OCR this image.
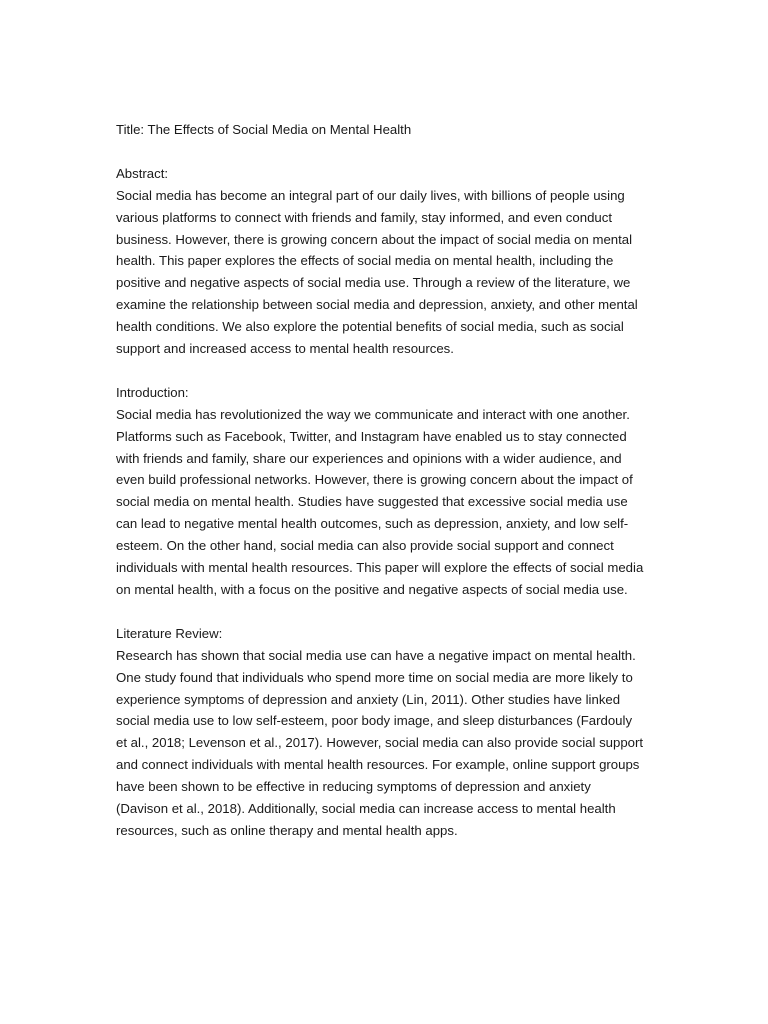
Title: The Effects of Social Media on Mental Health

Abstract:

Social media has become an integral part of our daily lives, with billions of people using various platforms to connect with friends and family, stay informed, and even conduct business. However, there is growing concern about the impact of social media on mental health. This paper explores the effects of social media on mental health, including the positive and negative aspects of social media use. Through a review of the literature, we examine the relationship between social media and depression, anxiety, and other mental health conditions. We also explore the potential benefits of social media, such as social support and increased access to mental health resources.

Introduction:

Social media has revolutionized the way we communicate and interact with one another. Platforms such as Facebook, Twitter, and Instagram have enabled us to stay connected with friends and family, share our experiences and opinions with a wider audience, and even build professional networks. However, there is growing concern about the impact of social media on mental health. Studies have suggested that excessive social media use can lead to negative mental health outcomes, such as depression, anxiety, and low self-esteem. On the other hand, social media can also provide social support and connect individuals with mental health resources. This paper will explore the effects of social media on mental health, with a focus on the positive and negative aspects of social media use.

Literature Review:

Research has shown that social media use can have a negative impact on mental health. One study found that individuals who spend more time on social media are more likely to experience symptoms of depression and anxiety (Lin, 2011). Other studies have linked social media use to low self-esteem, poor body image, and sleep disturbances (Fardouly et al., 2018; Levenson et al., 2017). However, social media can also provide social support and connect individuals with mental health resources. For example, online support groups have been shown to be effective in reducing symptoms of depression and anxiety (Davison et al., 2018). Additionally, social media can increase access to mental health resources, such as online therapy and mental health apps.
